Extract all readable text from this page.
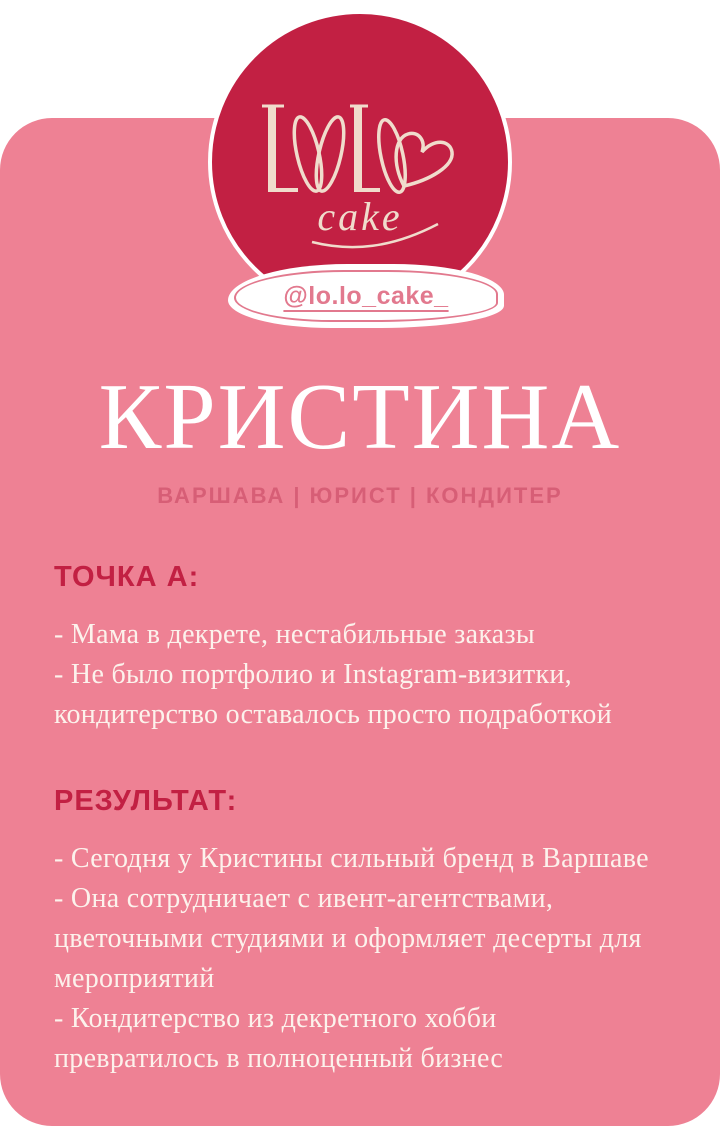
cake
@lo.lo_cake_
КРИСТИНА
ВАРШАВА | ЮРИСТ | КОНДИТЕР
ТОЧКА А:
- Мама в декрете, нестабильные заказы
- Не было портфолио и Instagram-визитки,
кондитерство оставалось просто подработкой
РЕЗУЛЬТАТ:
- Сегодня у Кристины сильный бренд в Варшаве
- Она сотрудничает с ивент-агентствами,
цветочными студиями и оформляет десерты для
мероприятий
- Кондитерство из декретного хобби
превратилось в полноценный бизнес
